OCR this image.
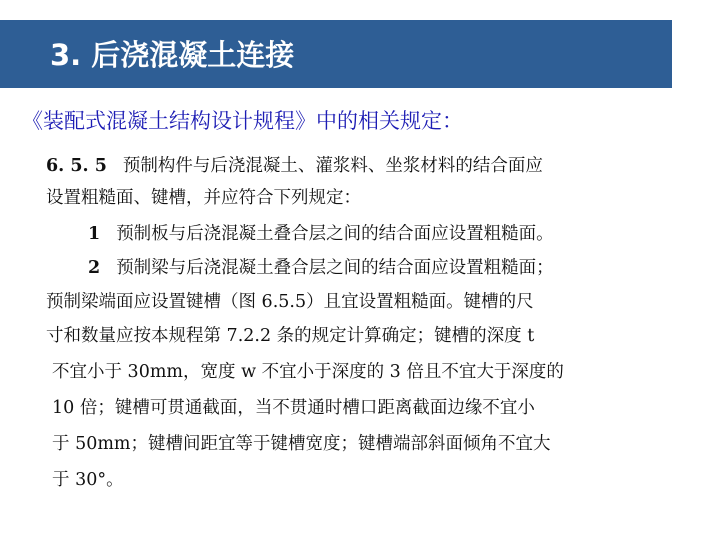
3. 后浇混凝土连接
《装配式混凝土结构设计规程》中的相关规定：
6. 5. 5 预制构件与后浇混凝土、灌浆料、坐浆材料的结合面应
设置粗糙面、键槽，并应符合下列规定：
1 预制板与后浇混凝土叠合层之间的结合面应设置粗糙面。
2 预制梁与后浇混凝土叠合层之间的结合面应设置粗糙面；
预制梁端面应设置键槽（图 6.5.5）且宜设置粗糙面。键槽的尺
寸和数量应按本规程第 7.2.2 条的规定计算确定；键槽的深度 t
不宜小于 30mm，宽度 w 不宜小于深度的 3 倍且不宜大于深度的
10 倍；键槽可贯通截面，当不贯通时槽口距离截面边缘不宜小
于 50mm；键槽间距宜等于键槽宽度；键槽端部斜面倾角不宜大
于 30°。
